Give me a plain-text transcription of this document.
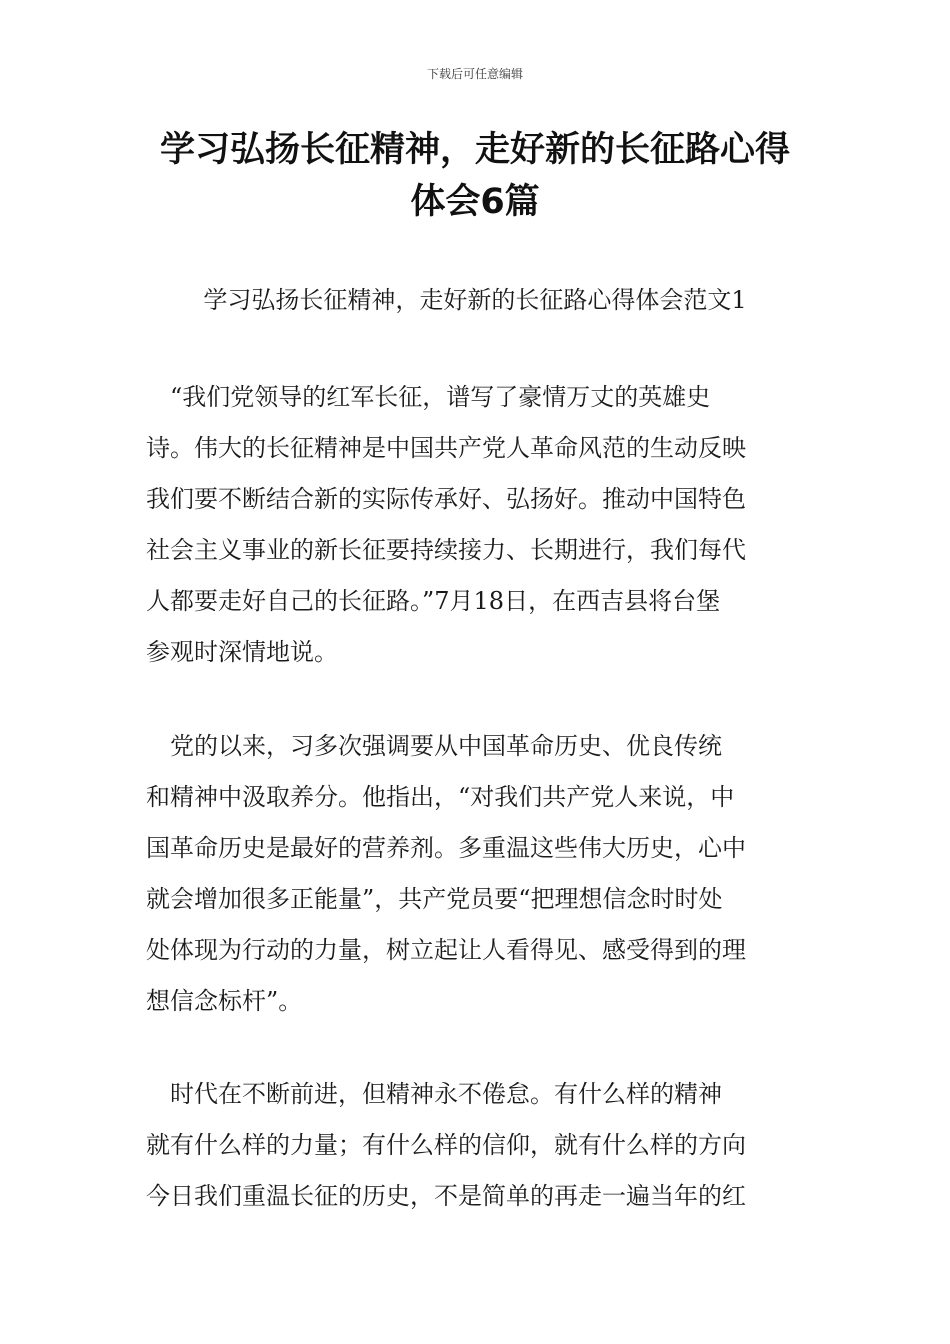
下载后可任意编辑
学习弘扬长征精神，走好新的长征路心得
体会6篇
学习弘扬长征精神，走好新的长征路心得体会范文1
　“我们党领导的红军长征，谱写了豪情万丈的英雄史
诗。伟大的长征精神是中国共产党人革命风范的生动反映
我们要不断结合新的实际传承好、弘扬好。推动中国特色
社会主义事业的新长征要持续接力、长期进行，我们每代
人都要走好自己的长征路。”7月18日，在西吉县将台堡
参观时深情地说。
　党的以来，习多次强调要从中国革命历史、优良传统
和精神中汲取养分。他指出，“对我们共产党人来说，中
国革命历史是最好的营养剂。多重温这些伟大历史，心中
就会增加很多正能量”，共产党员要“把理想信念时时处
处体现为行动的力量，树立起让人看得见、感受得到的理
想信念标杆”。
　时代在不断前进，但精神永不倦怠。有什么样的精神
就有什么样的力量；有什么样的信仰，就有什么样的方向
今日我们重温长征的历史，不是简单的再走一遍当年的红
